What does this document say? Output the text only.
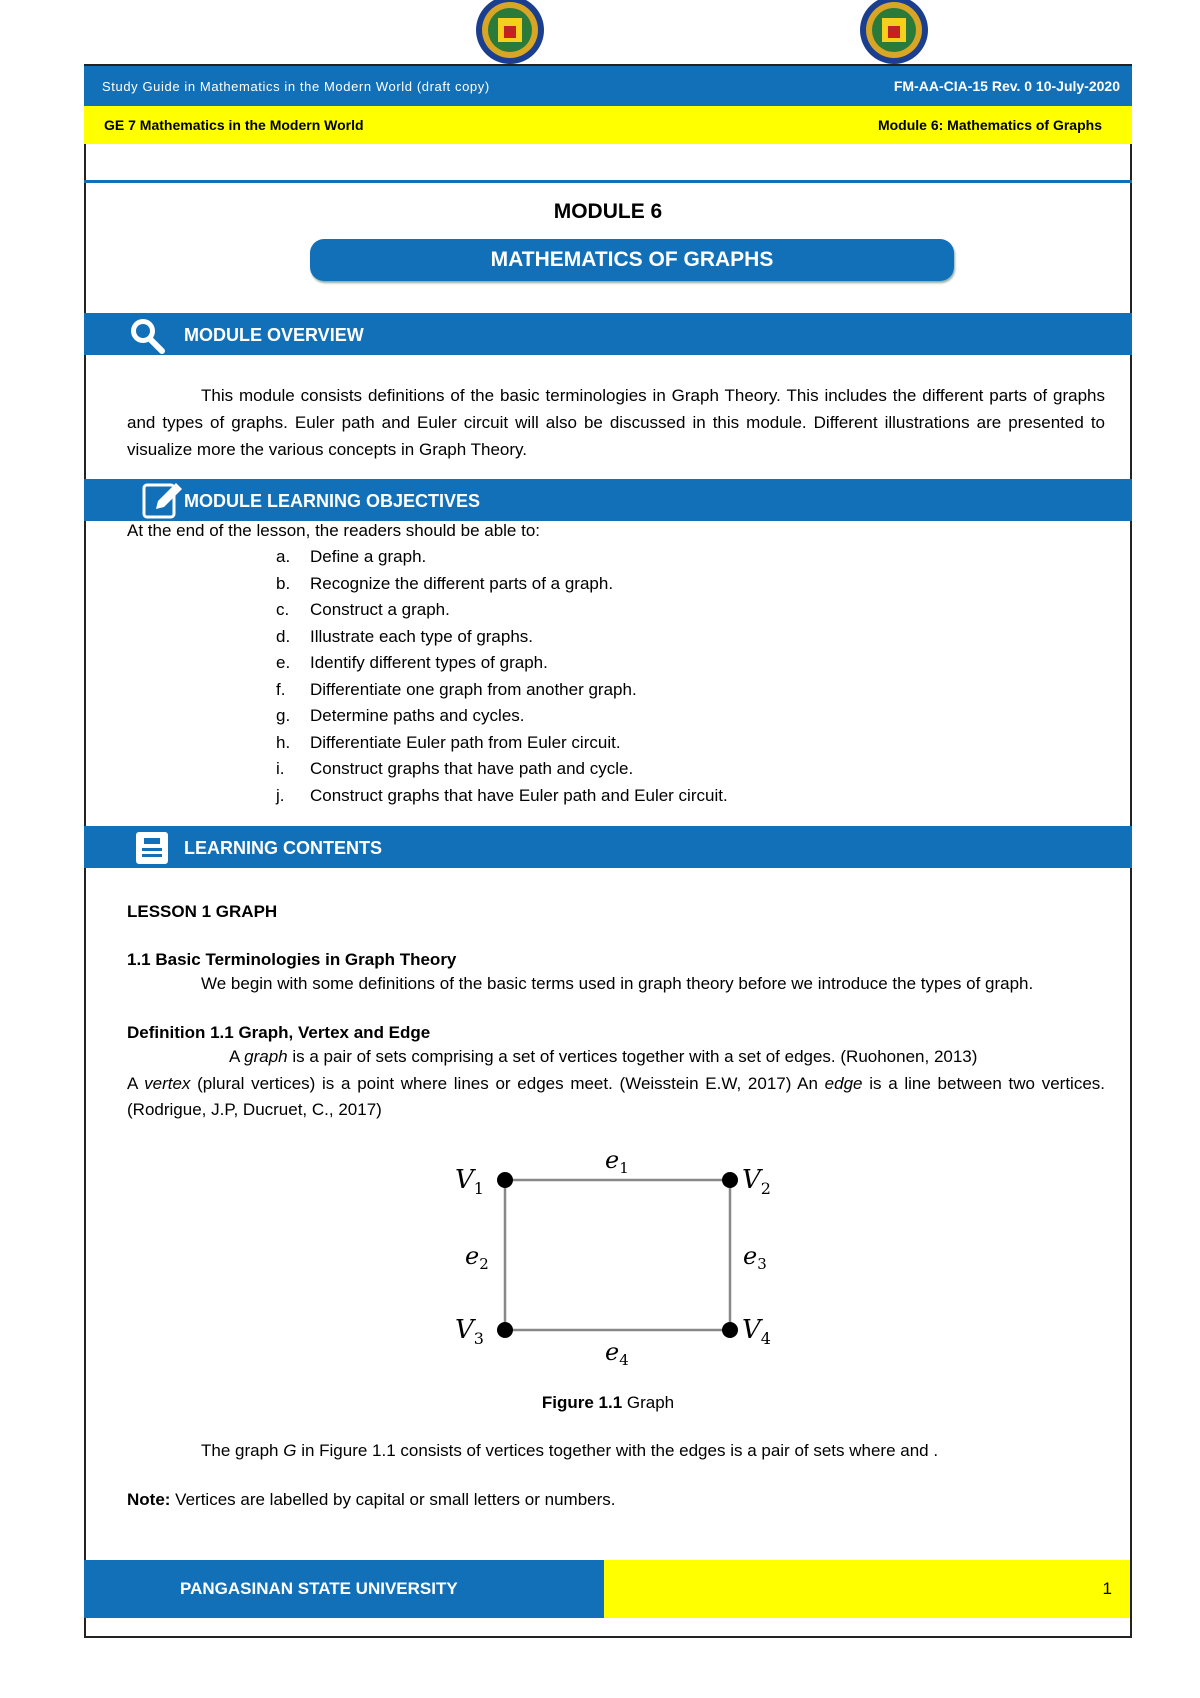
Study Guide in Mathematics in the Modern World (draft copy)	FM-AA-CIA-15 Rev. 0 10-July-2020
GE 7 Mathematics in the Modern World	Module 6: Mathematics of Graphs
MODULE 6
MATHEMATICS OF GRAPHS
MODULE OVERVIEW
This module consists definitions of the basic terminologies in Graph Theory. This includes the different parts of graphs and types of graphs. Euler path and Euler circuit will also be discussed in this module. Different illustrations are presented to visualize more the various concepts in Graph Theory.
MODULE LEARNING OBJECTIVES
At the end of the lesson, the readers should be able to:
a.	Define a graph.
b.	Recognize the different parts of a graph.
c.	Construct a graph.
d.	Illustrate each type of graphs.
e.	Identify different types of graph.
f.	Differentiate one graph from another graph.
g.	Determine paths and cycles.
h.	Differentiate Euler path from Euler circuit.
i.	Construct graphs that have path and cycle.
j.	Construct graphs that have Euler path and Euler circuit.
LEARNING CONTENTS
LESSON 1 GRAPH
1.1 Basic Terminologies in Graph Theory
We begin with some definitions of the basic terms used in graph theory before we introduce the types of graph.
Definition 1.1 Graph, Vertex and Edge
A graph is a pair of sets comprising a set of vertices together with a set of edges. (Ruohonen, 2013)
A vertex (plural vertices) is a point where lines or edges meet. (Weisstein E.W, 2017) An edge is a line between two vertices. (Rodrigue, J.P, Ducruet, C., 2017)
$V_1$	$V_2$
$V_3$	$V_4$
$e_1$
$e_2$	$e_3$
$e_4$
Figure 1.1 Graph
The graph G in Figure 1.1 consists of vertices together with the edges is a pair of sets where and .
Note: Vertices are labelled by capital or small letters or numbers.
PANGASINAN STATE UNIVERSITY	1
